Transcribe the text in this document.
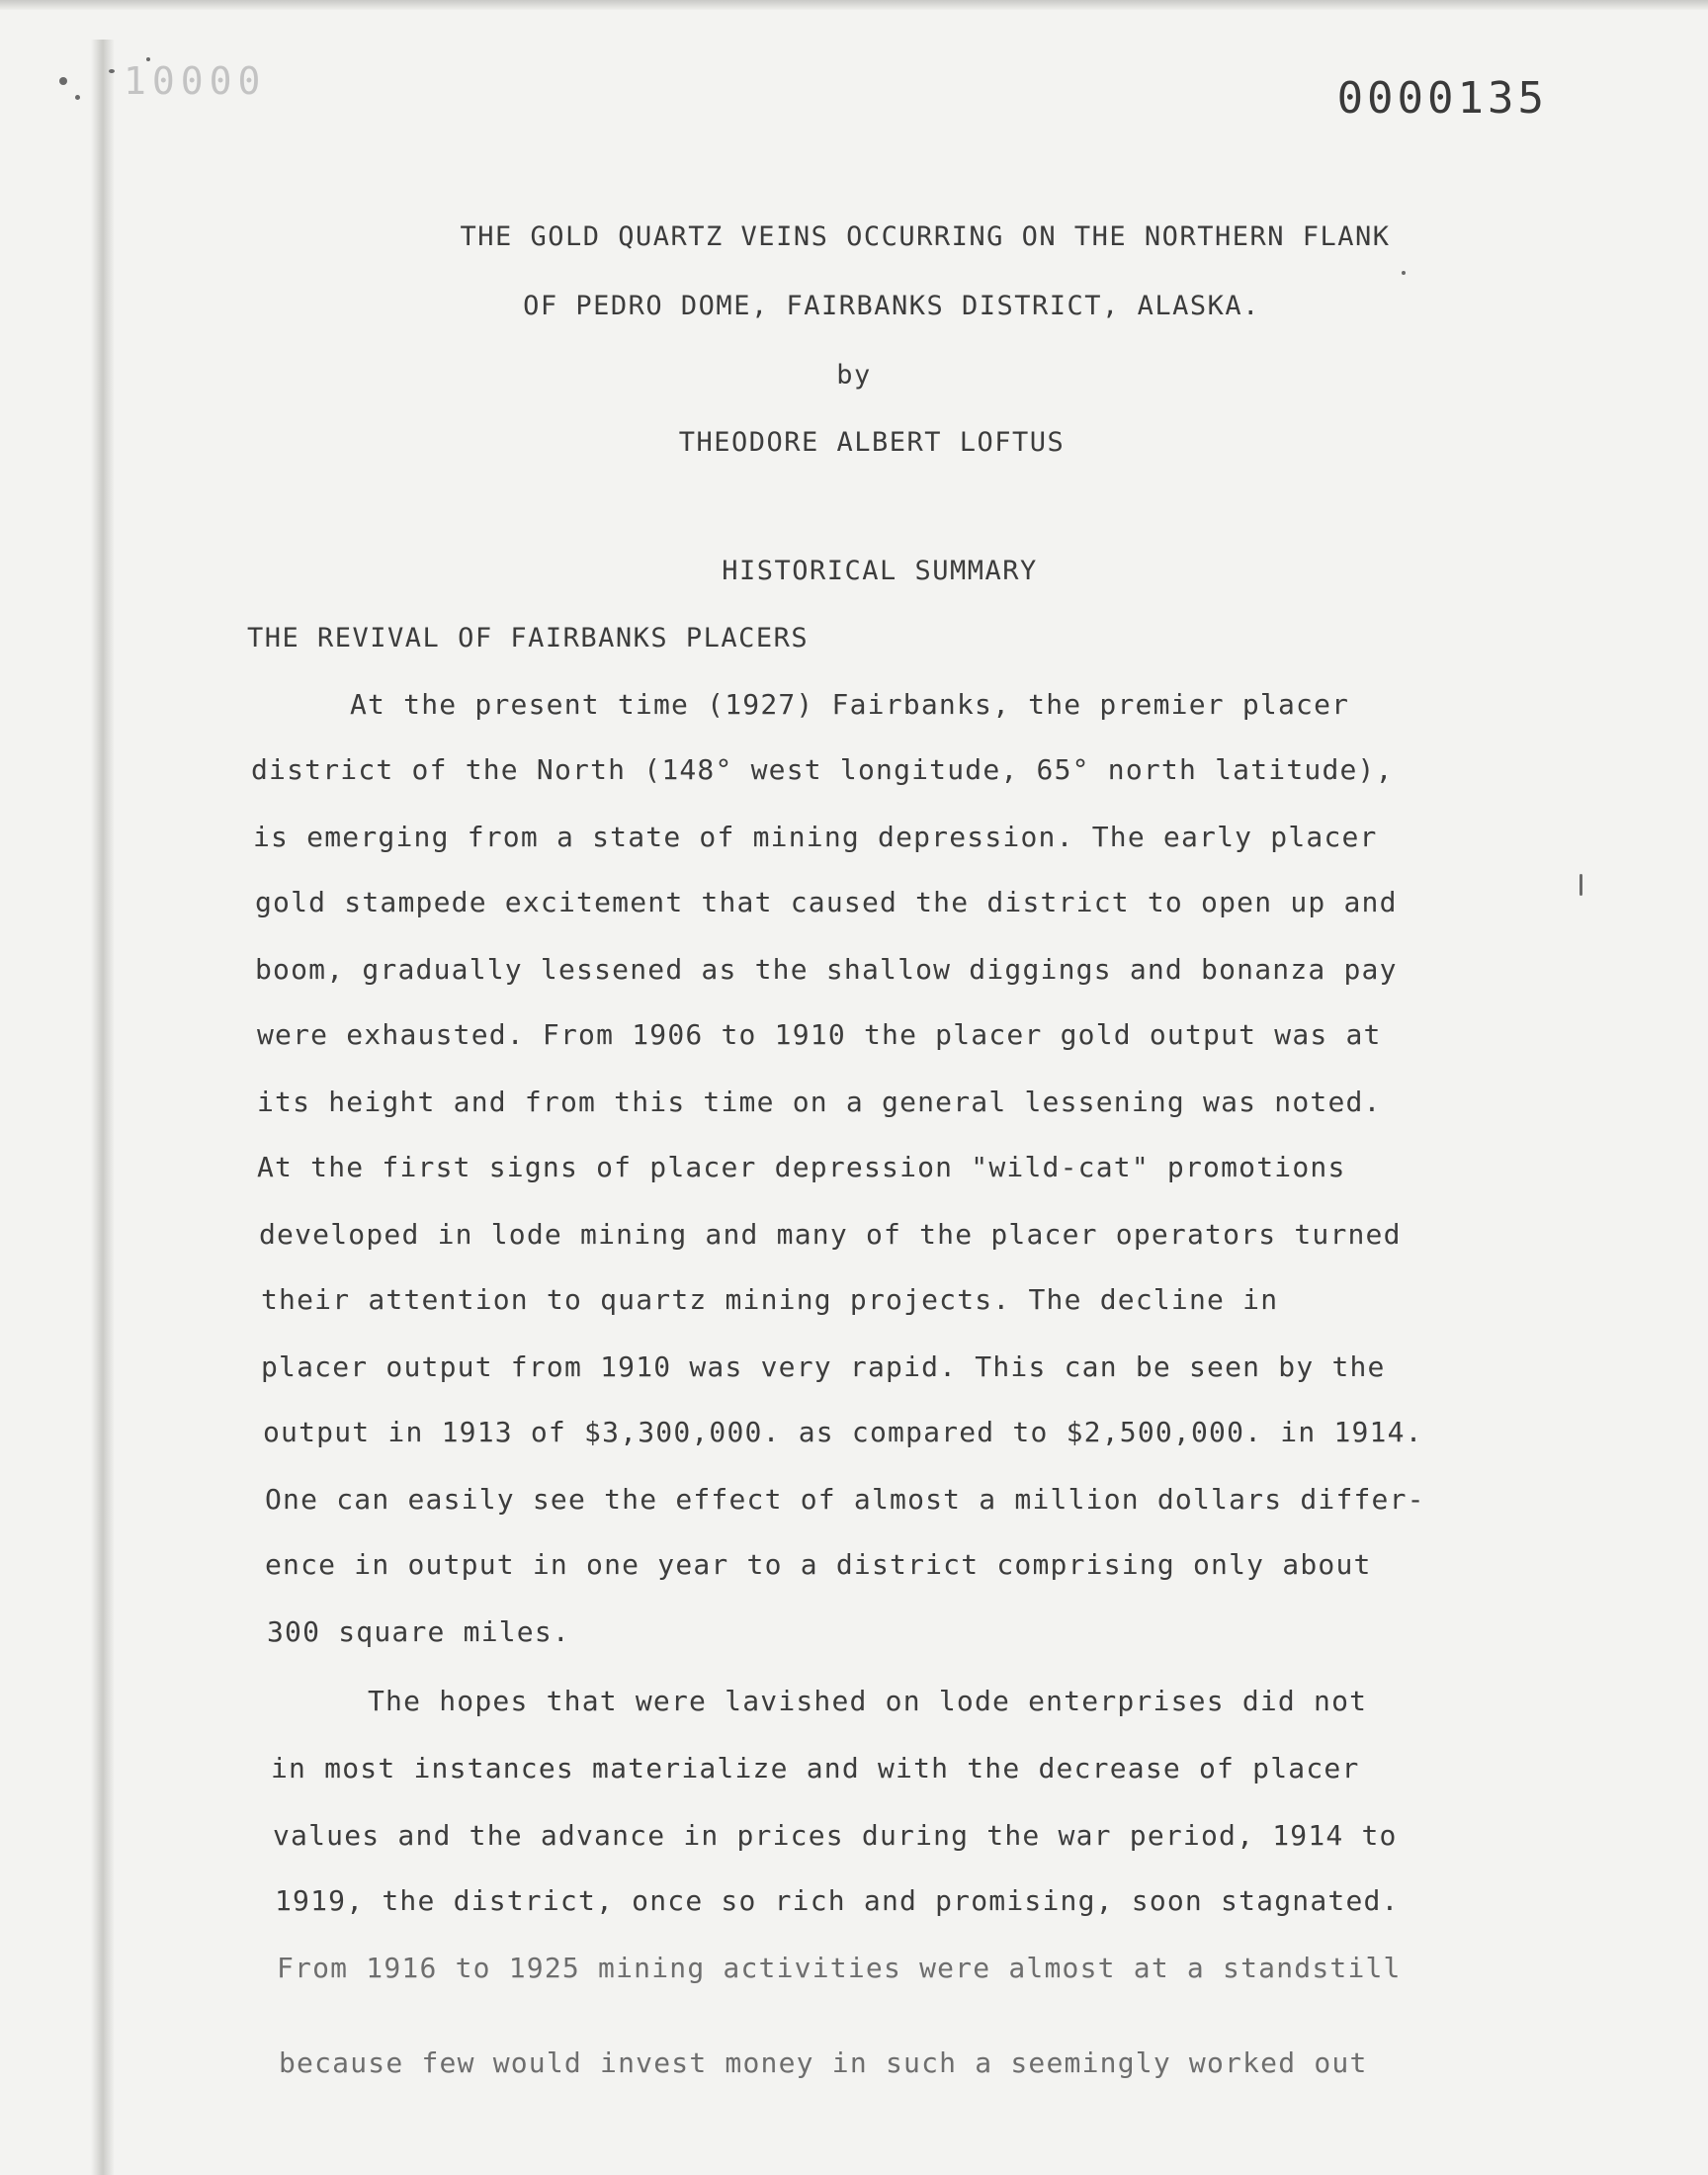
10000	0000135
THE GOLD QUARTZ VEINS OCCURRING ON THE NORTHERN FLANK
OF PEDRO DOME, FAIRBANKS DISTRICT, ALASKA.
by
THEODORE ALBERT LOFTUS
HISTORICAL SUMMARY
THE REVIVAL OF FAIRBANKS PLACERS
At the present time (1927) Fairbanks, the premier placer
district of the North (148° west longitude, 65° north latitude),
is emerging from a state of mining depression. The early placer
gold stampede excitement that caused the district to open up and
boom, gradually lessened as the shallow diggings and bonanza pay
were exhausted. From 1906 to 1910 the placer gold output was at
its height and from this time on a general lessening was noted.
At the first signs of placer depression "wild-cat" promotions
developed in lode mining and many of the placer operators turned
their attention to quartz mining projects. The decline in
placer output from 1910 was very rapid. This can be seen by the
output in 1913 of $3,300,000. as compared to $2,500,000. in 1914.
One can easily see the effect of almost a million dollars differ-
ence in output in one year to a district comprising only about
300 square miles.
The hopes that were lavished on lode enterprises did not
in most instances materialize and with the decrease of placer
values and the advance in prices during the war period, 1914 to
1919, the district, once so rich and promising, soon stagnated.
From 1916 to 1925 mining activities were almost at a standstill
because few would invest money in such a seemingly worked out
